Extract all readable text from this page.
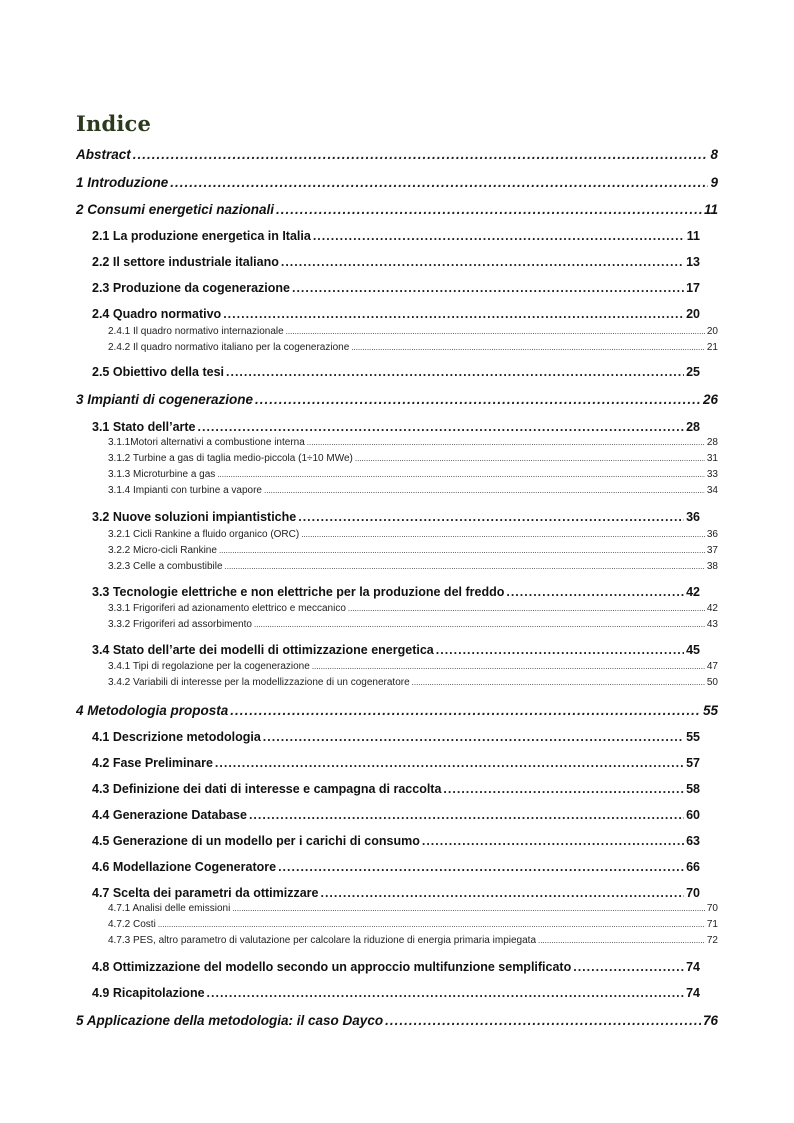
Indice
Abstract .....	8
1 Introduzione .....	9
2 Consumi energetici nazionali .....	11
2.1 La produzione energetica in Italia .....	11
2.2 Il settore industriale italiano .....	13
2.3 Produzione da cogenerazione .....	17
2.4 Quadro normativo .....	20
2.4.1 Il quadro normativo internazionale .....	20
2.4.2 Il quadro normativo italiano per la cogenerazione .....	21
2.5 Obiettivo della tesi .....	25
3 Impianti di cogenerazione .....	26
3.1 Stato dell’arte .....	28
3.1.1Motori alternativi a combustione interna .....	28
3.1.2 Turbine a gas di taglia medio-piccola (1÷10 MWe) .....	31
3.1.3 Microturbine a gas .....	33
3.1.4 Impianti con turbine a vapore .....	34
3.2 Nuove soluzioni impiantistiche .....	36
3.2.1 Cicli Rankine a fluido organico (ORC) .....	36
3.2.2 Micro-cicli Rankine .....	37
3.2.3 Celle a combustibile .....	38
3.3 Tecnologie elettriche e non elettriche per la produzione del freddo .....	42
3.3.1 Frigoriferi ad azionamento elettrico e meccanico .....	42
3.3.2 Frigoriferi ad assorbimento .....	43
3.4 Stato dell’arte dei modelli di ottimizzazione energetica .....	45
3.4.1 Tipi di regolazione per la cogenerazione .....	47
3.4.2 Variabili di interesse per la modellizzazione di un cogeneratore .....	50
4 Metodologia proposta .....	55
4.1 Descrizione metodologia .....	55
4.2 Fase Preliminare .....	57
4.3 Definizione dei dati di interesse e campagna di raccolta .....	58
4.4 Generazione Database .....	60
4.5 Generazione di un modello per i carichi di consumo .....	63
4.6 Modellazione Cogeneratore .....	66
4.7 Scelta dei parametri da ottimizzare .....	70
4.7.1 Analisi delle emissioni .....	70
4.7.2 Costi .....	71
4.7.3 PES, altro parametro di valutazione per calcolare la riduzione di energia primaria impiegata .....	72
4.8 Ottimizzazione del modello secondo un approccio multifunzione semplificato .....	74
4.9 Ricapitolazione .....	74
5 Applicazione della metodologia: il caso Dayco .....	76
